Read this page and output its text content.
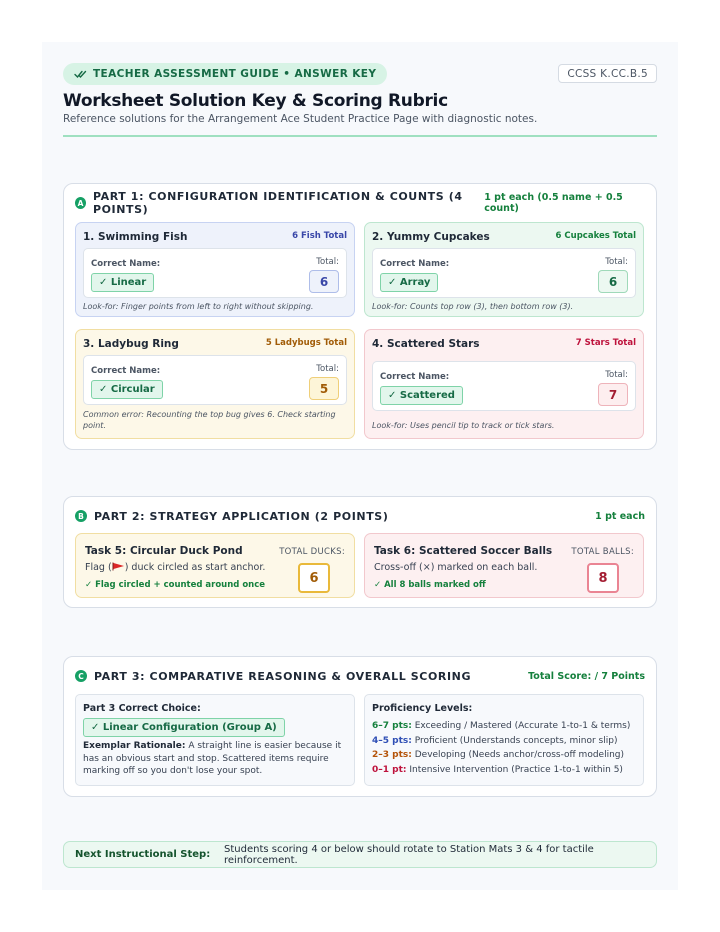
TEACHER ASSESSMENT GUIDE • ANSWER KEY	CCSS K.CC.B.5
Worksheet Solution Key & Scoring Rubric
Reference solutions for the Arrangement Ace Student Practice Page with diagnostic notes.
A PART 1: CONFIGURATION IDENTIFICATION & COUNTS (4 POINTS)
1 pt each (0.5 name + 0.5 count)
1. Swimming Fish	6 Fish Total
Correct Name:	Total:
✓ Linear	6
Look-for: Finger points from left to right without skipping.
2. Yummy Cupcakes	6 Cupcakes Total
Correct Name:	Total:
✓ Array	6
Look-for: Counts top row (3), then bottom row (3).
3. Ladybug Ring	5 Ladybugs Total
Correct Name:	Total:
✓ Circular	5
Common error: Recounting the top bug gives 6. Check starting point.
4. Scattered Stars	7 Stars Total
Correct Name:	Total:
✓ Scattered	7
Look-for: Uses pencil tip to track or tick stars.
B PART 2: STRATEGY APPLICATION (2 POINTS)	1 pt each
Task 5: Circular Duck Pond
Flag ( ) duck circled as start anchor.
✓ Flag circled + counted around once
TOTAL DUCKS:
6
Task 6: Scattered Soccer Balls
Cross-off (×) marked on each ball.
✓ All 8 balls marked off
TOTAL BALLS:
8
C PART 3: COMPARATIVE REASONING & OVERALL SCORING	Total Score: / 7 Points
Part 3 Correct Choice:
✓ Linear Configuration (Group A)
Exemplar Rationale: A straight line is easier because it has an obvious start and stop. Scattered items require marking off so you don't lose your spot.
Proficiency Levels:
6–7 pts: Exceeding / Mastered (Accurate 1-to-1 & terms)
4–5 pts: Proficient (Understands concepts, minor slip)
2–3 pts: Developing (Needs anchor/cross-off modeling)
0–1 pt: Intensive Intervention (Practice 1-to-1 within 5)
Next Instructional Step: Students scoring 4 or below should rotate to Station Mats 3 & 4 for tactile reinforcement.
